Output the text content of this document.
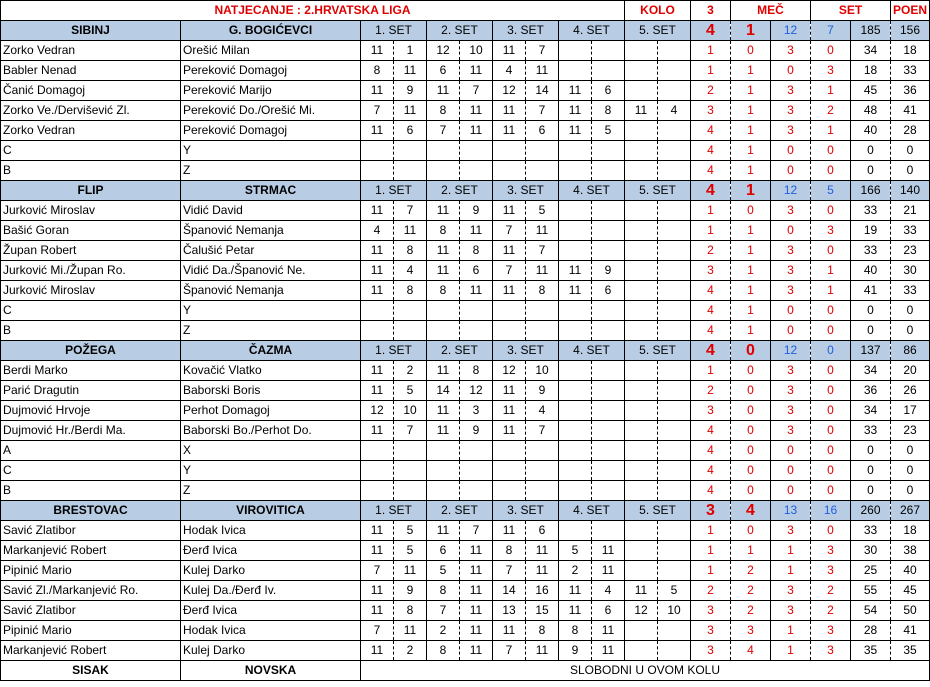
NATJECANJE : 2.HRVATSKA LIGA										KOLO		3	MEČ		SET		POEN
SIBINJ	G. BOGIĆEVCI	1. SET		2. SET		3. SET		4. SET		5. SET		4	1	12	7	185	156
Zorko Vedran	Orešić Milan	11	1	12	10	11	7					1	0	3	0	34	18
Babler Nenad	Pereković Domagoj	8	11	6	11	4	11					1	1	0	3	18	33
Čanić Domagoj	Pereković Marijo	11	9	11	7	12	14	11	6			2	1	3	1	45	36
Zorko Ve./Dervišević Zl.	Pereković Do./Orešić Mi.	7	11	8	11	11	7	11	8	11	4	3	1	3	2	48	41
Zorko Vedran	Pereković Domagoj	11	6	7	11	11	6	11	5			4	1	3	1	40	28
C	Y											4	1	0	0	0	0
B	Z											4	1	0	0	0	0
FLIP	STRMAC	1. SET		2. SET		3. SET		4. SET		5. SET		4	1	12	5	166	140
Jurković Miroslav	Vidić David	11	7	11	9	11	5					1	0	3	0	33	21
Bašić Goran	Španović Nemanja	4	11	8	11	7	11					1	1	0	3	19	33
Župan Robert	Čalušić Petar	11	8	11	8	11	7					2	1	3	0	33	23
Jurković Mi./Župan Ro.	Vidić Da./Španović Ne.	11	4	11	6	7	11	11	9			3	1	3	1	40	30
Jurković Miroslav	Španović Nemanja	11	8	8	11	11	8	11	6			4	1	3	1	41	33
C	Y											4	1	0	0	0	0
B	Z											4	1	0	0	0	0
POŽEGA	ČAZMA	1. SET		2. SET		3. SET		4. SET		5. SET		4	0	12	0	137	86
Berdi Marko	Kovačić Vlatko	11	2	11	8	12	10					1	0	3	0	34	20
Parić Dragutin	Baborski Boris	11	5	14	12	11	9					2	0	3	0	36	26
Dujmović Hrvoje	Perhot Domagoj	12	10	11	3	11	4					3	0	3	0	34	17
Dujmović Hr./Berdi Ma.	Baborski Bo./Perhot Do.	11	7	11	9	11	7					4	0	3	0	33	23
A	X											4	0	0	0	0	0
C	Y											4	0	0	0	0	0
B	Z											4	0	0	0	0	0
BRESTOVAC	VIROVITICA	1. SET		2. SET		3. SET		4. SET		5. SET		3	4	13	16	260	267
Savić Zlatibor	Hodak Ivica	11	5	11	7	11	6					1	0	3	0	33	18
Markanjević Robert	Đerđ Ivica	11	5	6	11	8	11	5	11			1	1	1	3	30	38
Pipinić Mario	Kulej Darko	7	11	5	11	7	11	2	11			1	2	1	3	25	40
Savić Zl./Markanjević Ro.	Kulej Da./Đerđ Iv.	11	9	8	11	14	16	11	4	11	5	2	2	3	2	55	45
Savić Zlatibor	Đerđ Ivica	11	8	7	11	13	15	11	6	12	10	3	2	3	2	54	50
Pipinić Mario	Hodak Ivica	7	11	2	11	11	8	8	11			3	3	1	3	28	41
Markanjević Robert	Kulej Darko	11	2	8	11	7	11	9	11			3	4	1	3	35	35
SISAK	NOVSKA	SLOBODNI U OVOM KOLU															
